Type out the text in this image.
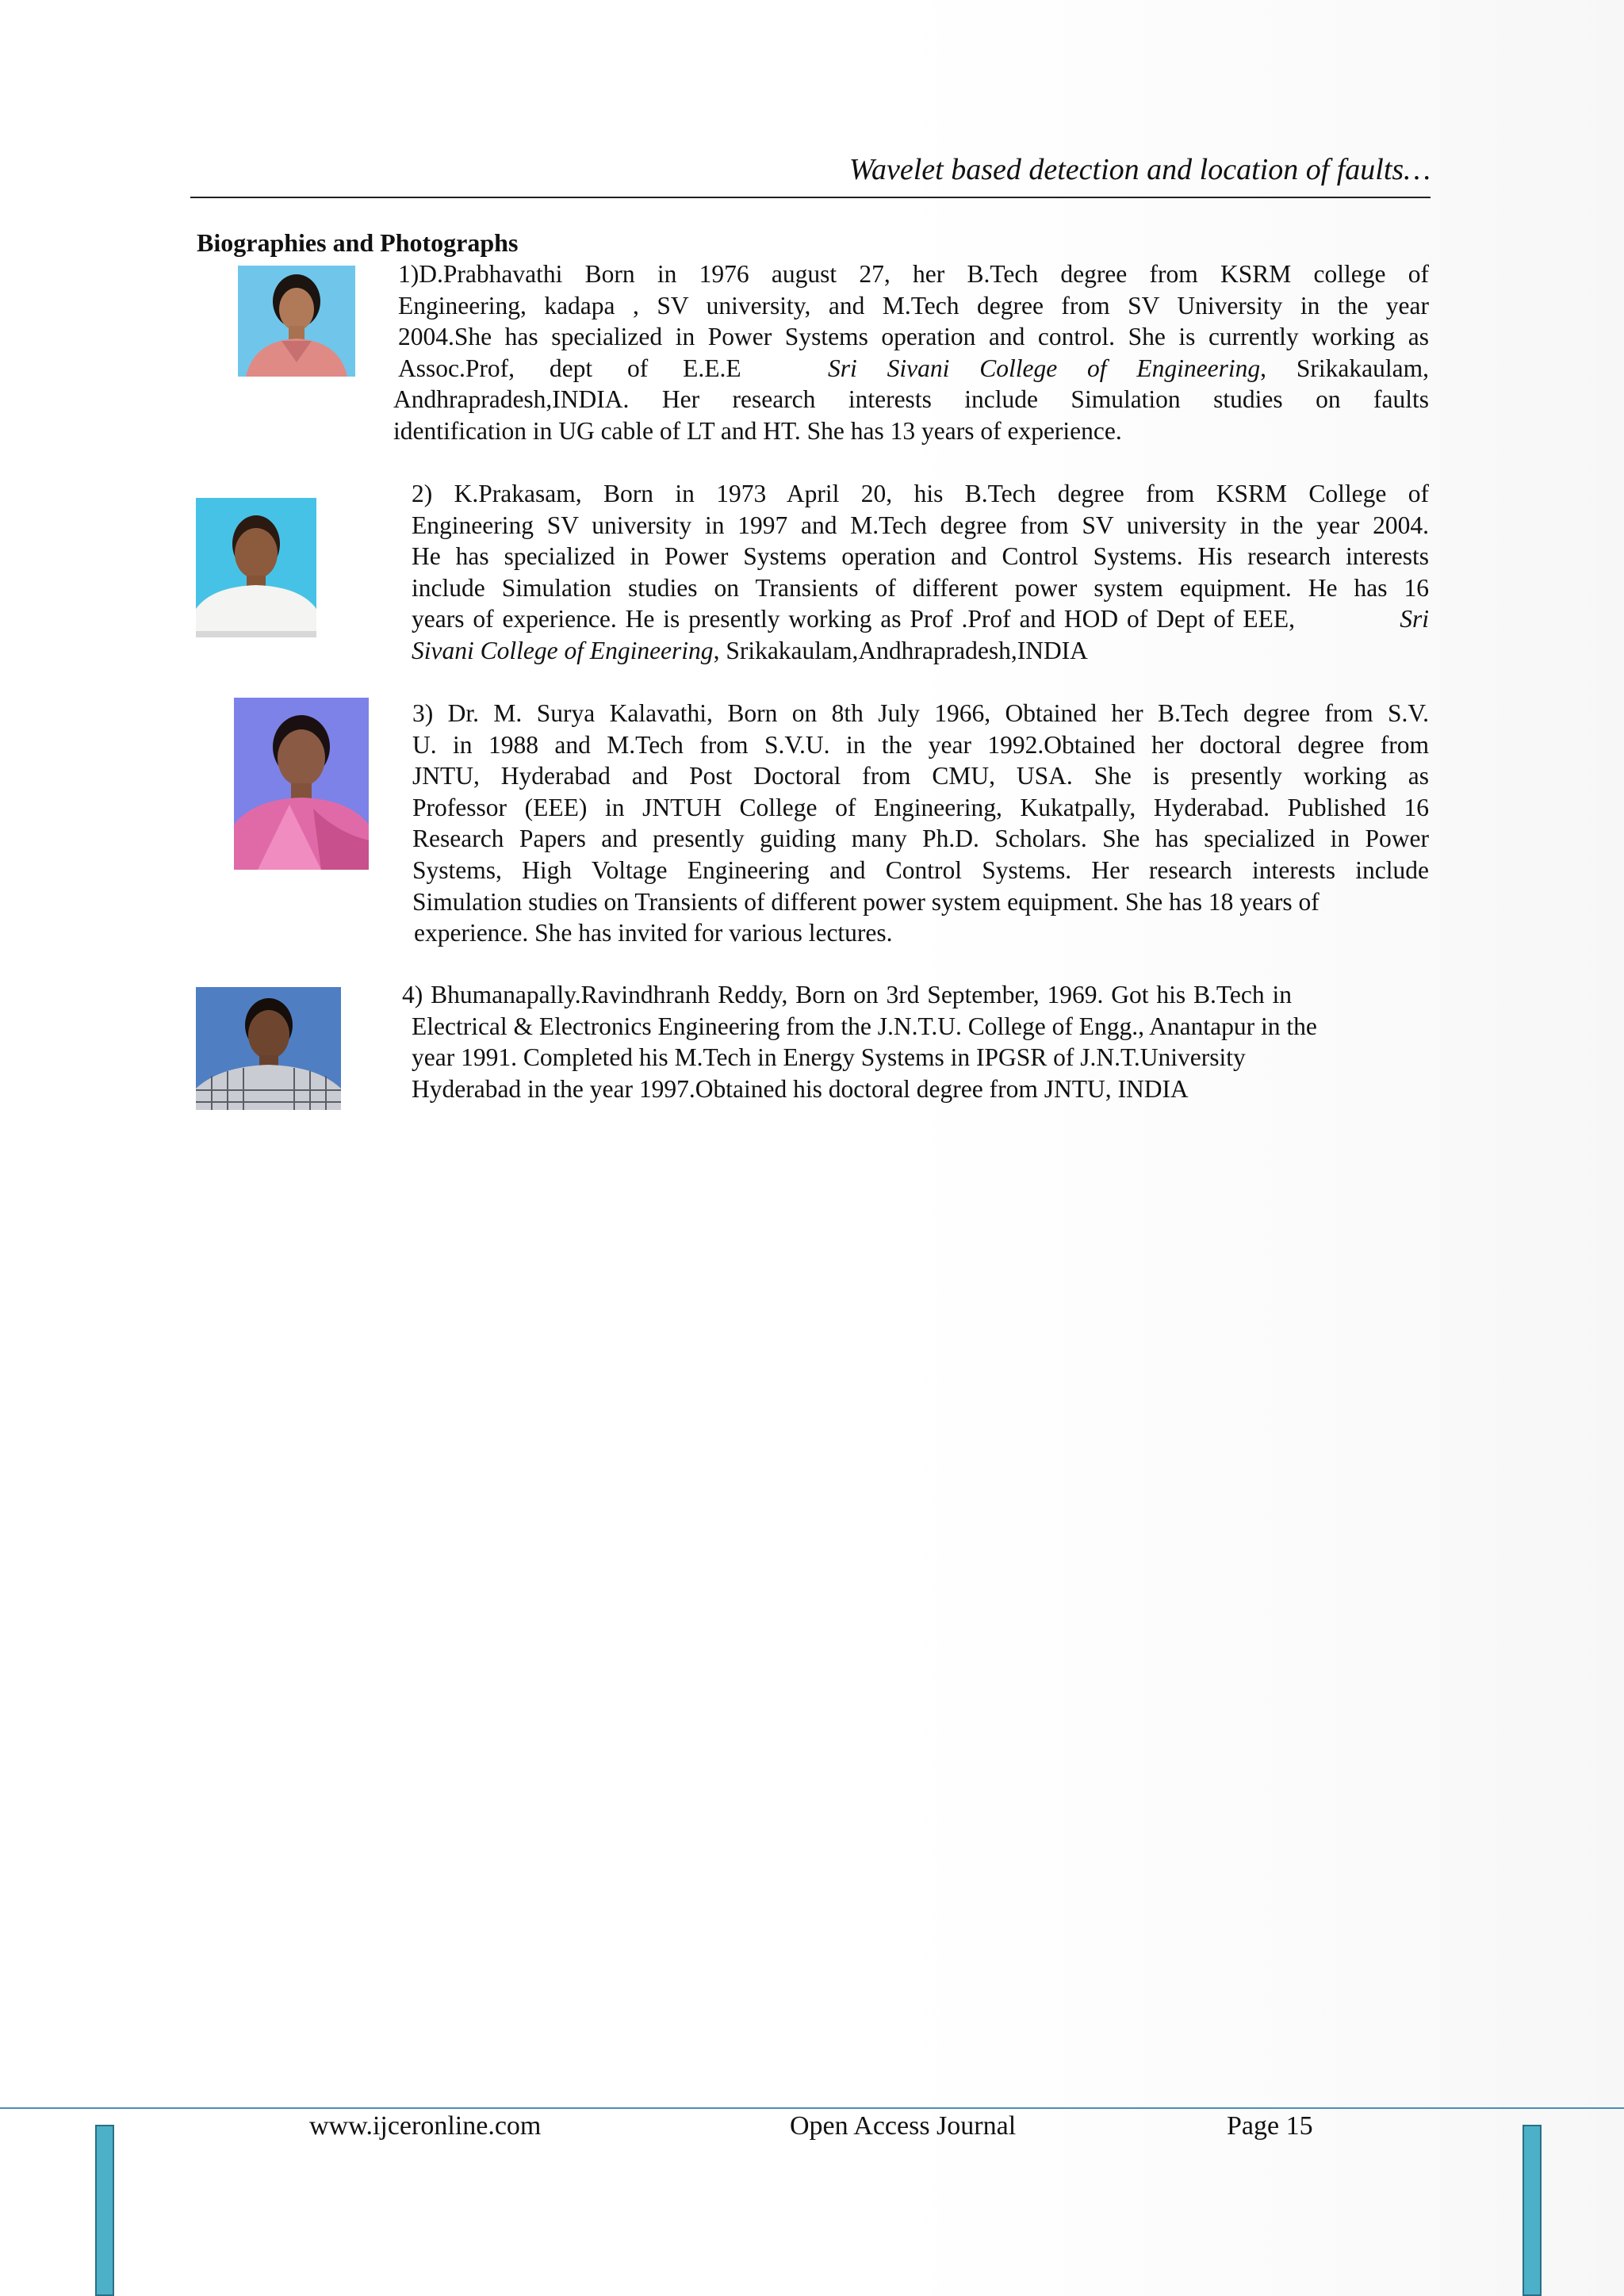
Wavelet based detection and location of faults…
Biographies and Photographs
1)D.Prabhavathi Born in 1976 august 27, her B.Tech degree from KSRM college of
Engineering, kadapa , SV university, and M.Tech degree from SV University in the year
2004.She has specialized in Power Systems operation and control. She is currently working as
Assoc.Prof, dept of E.E.E	Sri Sivani College of Engineering, Srikakaulam,
Andhrapradesh,INDIA. Her research interests include Simulation studies on faults
identification in UG cable of LT and HT. She has 13 years of experience.
2) K.Prakasam, Born in 1973 April 20, his B.Tech degree from KSRM College of
Engineering SV university in 1997 and M.Tech degree from SV university in the year 2004.
He has specialized in Power Systems operation and Control Systems. His research interests
include Simulation studies on Transients of different power system equipment. He has 16
years of experience. He is presently working as Prof .Prof and HOD of Dept of EEE,	Sri
Sivani College of Engineering, Srikakaulam,Andhrapradesh,INDIA
3) Dr. M. Surya Kalavathi, Born on 8th July 1966, Obtained her B.Tech degree from S.V.
U. in 1988 and M.Tech from S.V.U. in the year 1992.Obtained her doctoral degree from
JNTU, Hyderabad and Post Doctoral from CMU, USA. She is presently working as
Professor (EEE) in JNTUH College of Engineering, Kukatpally, Hyderabad. Published 16
Research Papers and presently guiding many Ph.D. Scholars. She has specialized in Power
Systems, High Voltage Engineering and Control Systems. Her research interests include
Simulation studies on Transients of different power system equipment. She has 18 years of
experience. She has invited for various lectures.
4) Bhumanapally.Ravindhranh Reddy, Born on 3rd September, 1969. Got his B.Tech in
Electrical & Electronics Engineering from the J.N.T.U. College of Engg., Anantapur in the
year 1991. Completed his M.Tech in Energy Systems in IPGSR of J.N.T.University
Hyderabad in the year 1997.Obtained his doctoral degree from JNTU, INDIA
www.ijceronline.com	Open Access Journal	Page 15
